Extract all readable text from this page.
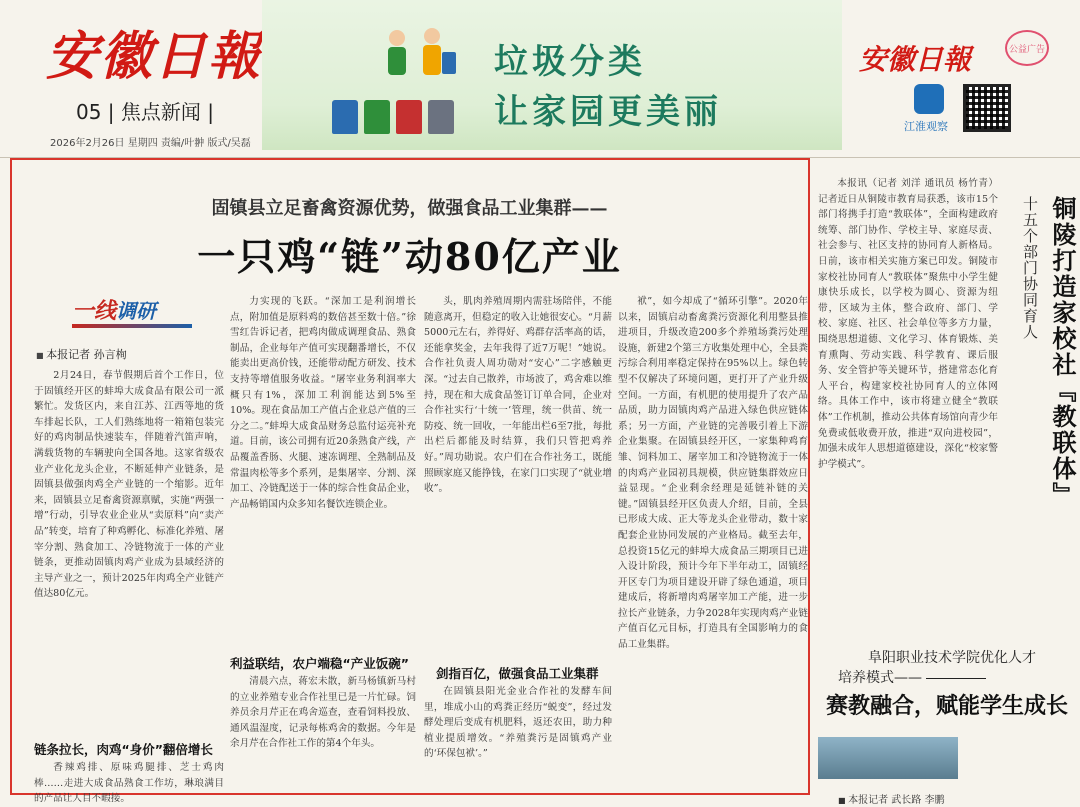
安徽日報
05 | 焦点新闻 |
2026年2月26日 星期四 责编/叶翀 版式/吴磊
垃圾分类
让家园更美丽
安徽日報	公益广告
江淮观察
固镇县立足畜禽资源优势，做强食品工业集群——
一只鸡“链”动80亿产业
一线调研
■ 本报记者 孙言栒

2月24日，春节假期后首个工作日，位于固镇经开区的蚌埠大成食品有限公司一派繁忙。发货区内，来自江苏、江西等地的货车排起长队，工人们熟练地将一箱箱包装完好的鸡肉制品快速装车，伴随着汽笛声响，满载货物的车辆驶向全国各地。这家省级农业产业化龙头企业，不断延伸产业链条，是固镇县做强肉鸡全产业链的一个缩影。近年来，固镇县立足畜禽资源禀赋，实施“两强一增”行动，引导农业企业从“卖原料”向“卖产品”转变，培育了种鸡孵化、标准化养殖、屠宰分割、熟食加工、冷链物流于一体的产业链条，更推动固镇肉鸡产业成为县域经济的主导产业之一，预计2025年肉鸡全产业链产值达80亿元。

链条拉长，肉鸡“身价”翻倍增长

香辣鸡排、原味鸡腿排、芝士鸡肉棒……走进大成食品熟食工作坊，琳琅满目的产品让人目不暇接。

力实现的飞跃。“深加工是利润增长点，附加值是原料鸡的数倍甚至数十倍。”徐雪红告诉记者，把鸡肉做成调理食品、熟食制品，企业每年产值可实现翻番增长，不仅能卖出更高价钱，还能带动配方研发、技术支持等增值服务收益。“屠宰业务利润率大概只有1%，深加工利润能达到5%至10%。现在食品加工产值占企业总产值的三分之二。”蚌埠大成食品财务总监付运亮补充道。目前，该公司拥有近20条熟食产线，产品覆盖香肠、火腿、速冻调理、全熟制品及常温肉松等多个系列，是集屠宰、分割、深加工、冷链配送于一体的综合性食品企业，产品畅销国内众多知名餐饮连锁企业。

利益联结，农户端稳“产业饭碗”

清晨六点，蒋宏未散，新马杨镇新马村的立业养殖专业合作社里已是一片忙碌。饲养员余月芹正在鸡舍巡查，查看饲料投放、通风温湿度，记录每栋鸡舍的数据。今年是余月芹在合作社工作的第4个年头。

头，肌肉养殖周期内需驻场陪伴，不能随意离开，但稳定的收入让她很安心。“月薪5000元左右，养得好、鸡群存活率高的话，还能拿奖金，去年我得了近7万呢！”她说。合作社负责人周功勋对“安心”二字感触更深。“过去自己散养，市场波了，鸡舍难以维持，现在和大成食品签订订单合同，企业对合作社实行‘十统一’管理，统一供苗、统一防疫、统一回收，一年能出栏6至7批，每批出栏后都能及时结算，我们只管把鸡养好。”周功勋说。农户们在合作社务工，既能照顾家庭又能挣钱，在家门口实现了“就业增收”。

剑指百亿，做强食品工业集群

在固镇县阳光金业合作社的发酵车间里，堆成小山的鸡粪正经历“蜕变”，经过发酵处理后变成有机肥料，返还农田，助力种植业提质增效。“养殖粪污是固镇鸡产业的‘环保包袱’。”

袱”，如今却成了“循环引擎”。2020年以来，固镇启动畜禽粪污资源化利用整县推进项目，升级改造200多个养殖场粪污处理设施，新建2个第三方收集处理中心，全县粪污综合利用率稳定保持在95%以上。绿色转型不仅解决了环境问题，更打开了产业升级空间。一方面，有机肥的使用提升了农产品品质，助力固镇肉鸡产品进入绿色供应链体系；另一方面，产业链的完善吸引着上下游企业集聚。在固镇县经开区，一家集种鸡育雏、饲料加工、屠宰加工和冷链物流于一体的肉鸡产业园初具规模，供应链集群效应日益显现。“企业剩余经理是延链补链的关键。”固镇县经开区负责人介绍，目前，全县已形成大成、正大等龙头企业带动，数十家配套企业协同发展的产业格局。截至去年，总投资15亿元的蚌埠大成食品三期项目已进入设计阶段，预计今年下半年动工，固镇经开区专门为项目建设开辟了绿色通道，项目建成后，将新增肉鸡屠宰加工产能，进一步拉长产业链条，力争2028年实现肉鸡产业链产值百亿元目标，打造具有全国影响力的食品工业集群。

本报讯（记者 刘洋 通讯员 杨竹青）记者近日从铜陵市教育局获悉，该市15个部门将携手打造“教联体”，全面构建政府统筹、部门协作、学校主导、家庭尽责、社会参与、社区支持的协同育人新格局。日前，该市相关实施方案已印发。铜陵市家校社协同育人“教联体”聚焦中小学生健康快乐成长，以学校为圆心、资源为纽带，区域为主体，整合政府、部门、学校、家庭、社区、社会单位等多方力量，围绕思想道德、文化学习、体育锻炼、美育熏陶、劳动实践、科学教育、课后服务、安全管护等关键环节，搭建常态化育人平台，构建家校社协同育人的立体网络。具体工作中，该市将建立健全“教联体”工作机制，推动公共体育场馆向青少年免费或低收费开放，推进“双向进校园”，加强未成年人思想道德建设，深化“校家警护学模式”。

十五个部门协同育人 铜陵打造家校社『教联体』
阜阳职业技术学院优化人才
培养模式——
赛教融合，赋能学生成长
■ 本报记者 武长路 李鹏
